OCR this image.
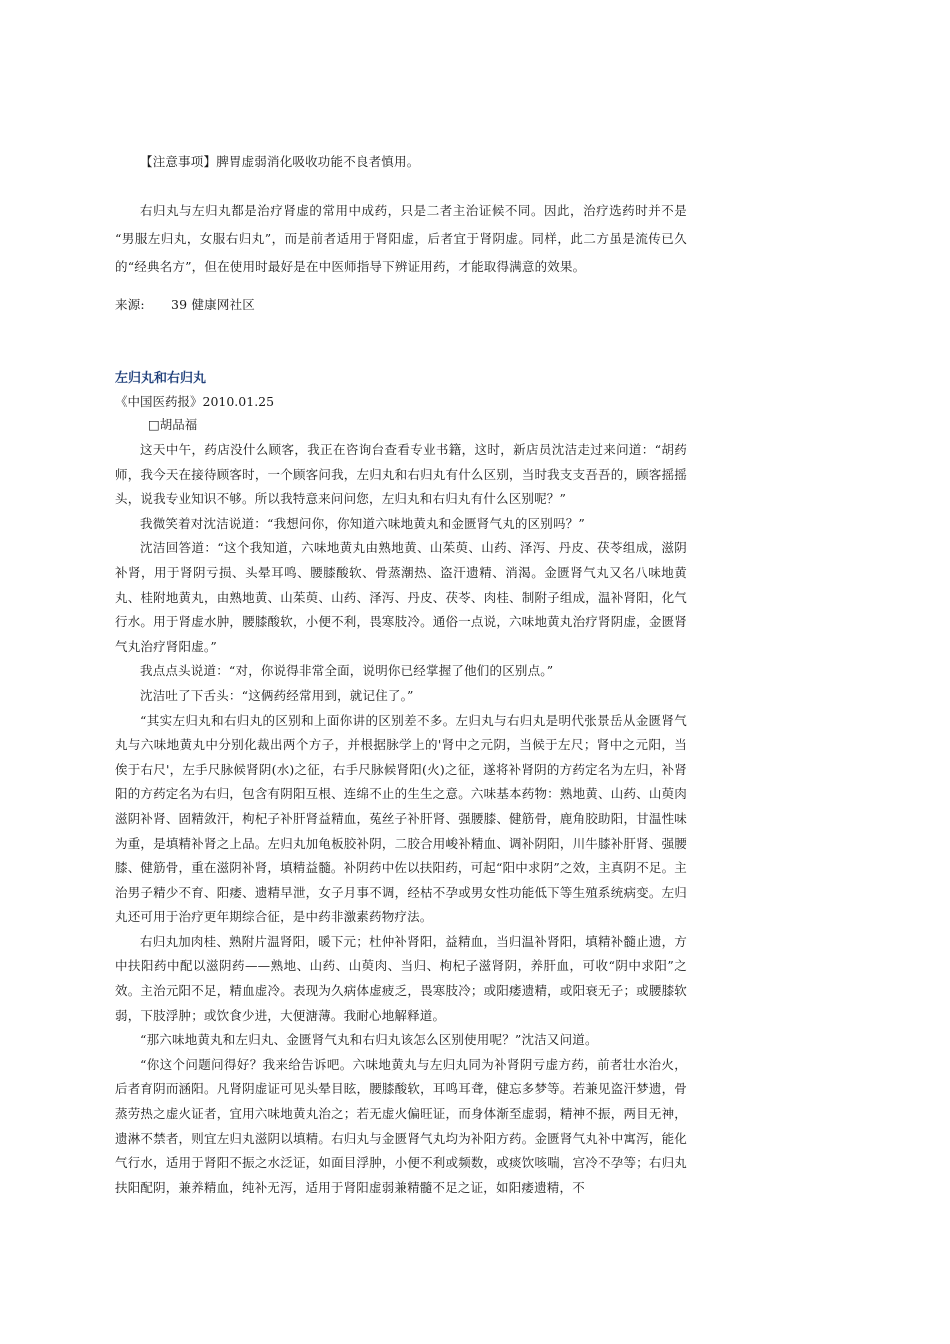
【注意事项】脾胃虚弱消化吸收功能不良者慎用。

右归丸与左归丸都是治疗肾虚的常用中成药，只是二者主治证候不同。因此，治疗选药时并不是 “男服左归丸，女服右归丸”，而是前者适用于肾阳虚，后者宜于肾阴虚。同样，此二方虽是流传已久的“经典名方”，但在使用时最好是在中医师指导下辨证用药，才能取得满意的效果。

来源: 39 健康网社区

左归丸和右归丸
《中国医药报》2010.01.25
□胡品福

这天中午，药店没什么顾客，我正在咨询台查看专业书籍，这时，新店员沈洁走过来问道：“胡药师，我今天在接待顾客时，一个顾客问我，左归丸和右归丸有什么区别，当时我支支吾吾的，顾客摇摇头，说我专业知识不够。所以我特意来问问您，左归丸和右归丸有什么区别呢？”

我微笑着对沈洁说道：“我想问你，你知道六味地黄丸和金匮肾气丸的区别吗？”

沈洁回答道：“这个我知道，六味地黄丸由熟地黄、山茱萸、山药、泽泻、丹皮、茯苓组成，滋阴补肾，用于肾阴亏损、头晕耳鸣、腰膝酸软、骨蒸潮热、盗汗遗精、消渴。金匮肾气丸又名八味地黄丸、桂附地黄丸，由熟地黄、山茱萸、山药、泽泻、丹皮、茯苓、肉桂、制附子组成，温补肾阳，化气行水。用于肾虚水肿，腰膝酸软，小便不利，畏寒肢冷。通俗一点说，六味地黄丸治疗肾阴虚，金匮肾气丸治疗肾阳虚。”

我点点头说道：“对，你说得非常全面，说明你已经掌握了他们的区别点。”

沈洁吐了下舌头：“这俩药经常用到，就记住了。”

“其实左归丸和右归丸的区别和上面你讲的区别差不多。左归丸与右归丸是明代张景岳从金匮肾气丸与六味地黄丸中分别化裁出两个方子，并根据脉学上的'肾中之元阴，当候于左尺；肾中之元阳，当俟于右尺'，左手尺脉候肾阴(水)之征，右手尺脉候肾阳(火)之征，遂将补肾阴的方药定名为左归，补肾阳的方药定名为右归，包含有阴阳互根、连绵不止的生生之意。六味基本药物：熟地黄、山药、山萸肉滋阴补肾、固精敛汗，枸杞子补肝肾益精血，菟丝子补肝肾、强腰膝、健筋骨，鹿角胶助阳，甘温性味为重，是填精补肾之上品。左归丸加龟板胶补阴，二胶合用峻补精血、调补阴阳，川牛膝补肝肾、强腰膝、健筋骨，重在滋阴补肾，填精益髓。补阴药中佐以扶阳药，可起“阳中求阴”之效，主真阴不足。主治男子精少不育、阳痿、遗精早泄，女子月事不调，经枯不孕或男女性功能低下等生殖系统病变。左归丸还可用于治疗更年期综合征，是中药非激素药物疗法。

右归丸加肉桂、熟附片温肾阳，暖下元；杜仲补肾阳，益精血，当归温补肾阳，填精补髓止遗，方中扶阳药中配以滋阴药——熟地、山药、山萸肉、当归、枸杞子滋肾阴，养肝血，可收“阴中求阳”之效。主治元阳不足，精血虚冷。表现为久病体虚疲乏，畏寒肢冷；或阳痿遗精，或阳衰无子；或腰膝软弱，下肢浮肿；或饮食少进，大便溏薄。我耐心地解释道。

“那六味地黄丸和左归丸、金匮肾气丸和右归丸该怎么区别使用呢？”沈洁又问道。

“你这个问题问得好？我来给告诉吧。六味地黄丸与左归丸同为补肾阴亏虚方药，前者壮水治火，后者育阴而涵阳。凡肾阴虚证可见头晕目眩，腰膝酸软，耳鸣耳聋，健忘多梦等。若兼见盗汗梦遗，骨蒸劳热之虚火证者，宜用六味地黄丸治之；若无虚火偏旺证，而身体渐至虚弱，精神不振，两目无神，遗淋不禁者，则宜左归丸滋阴以填精。右归丸与金匮肾气丸均为补阳方药。金匮肾气丸补中寓泻，能化气行水，适用于肾阳不振之水泛证，如面目浮肿，小便不利或频数，或痰饮咳喘，宫冷不孕等；右归丸扶阳配阴，兼养精血，纯补无泻，适用于肾阳虚弱兼精髓不足之证，如阳痿遗精，不
